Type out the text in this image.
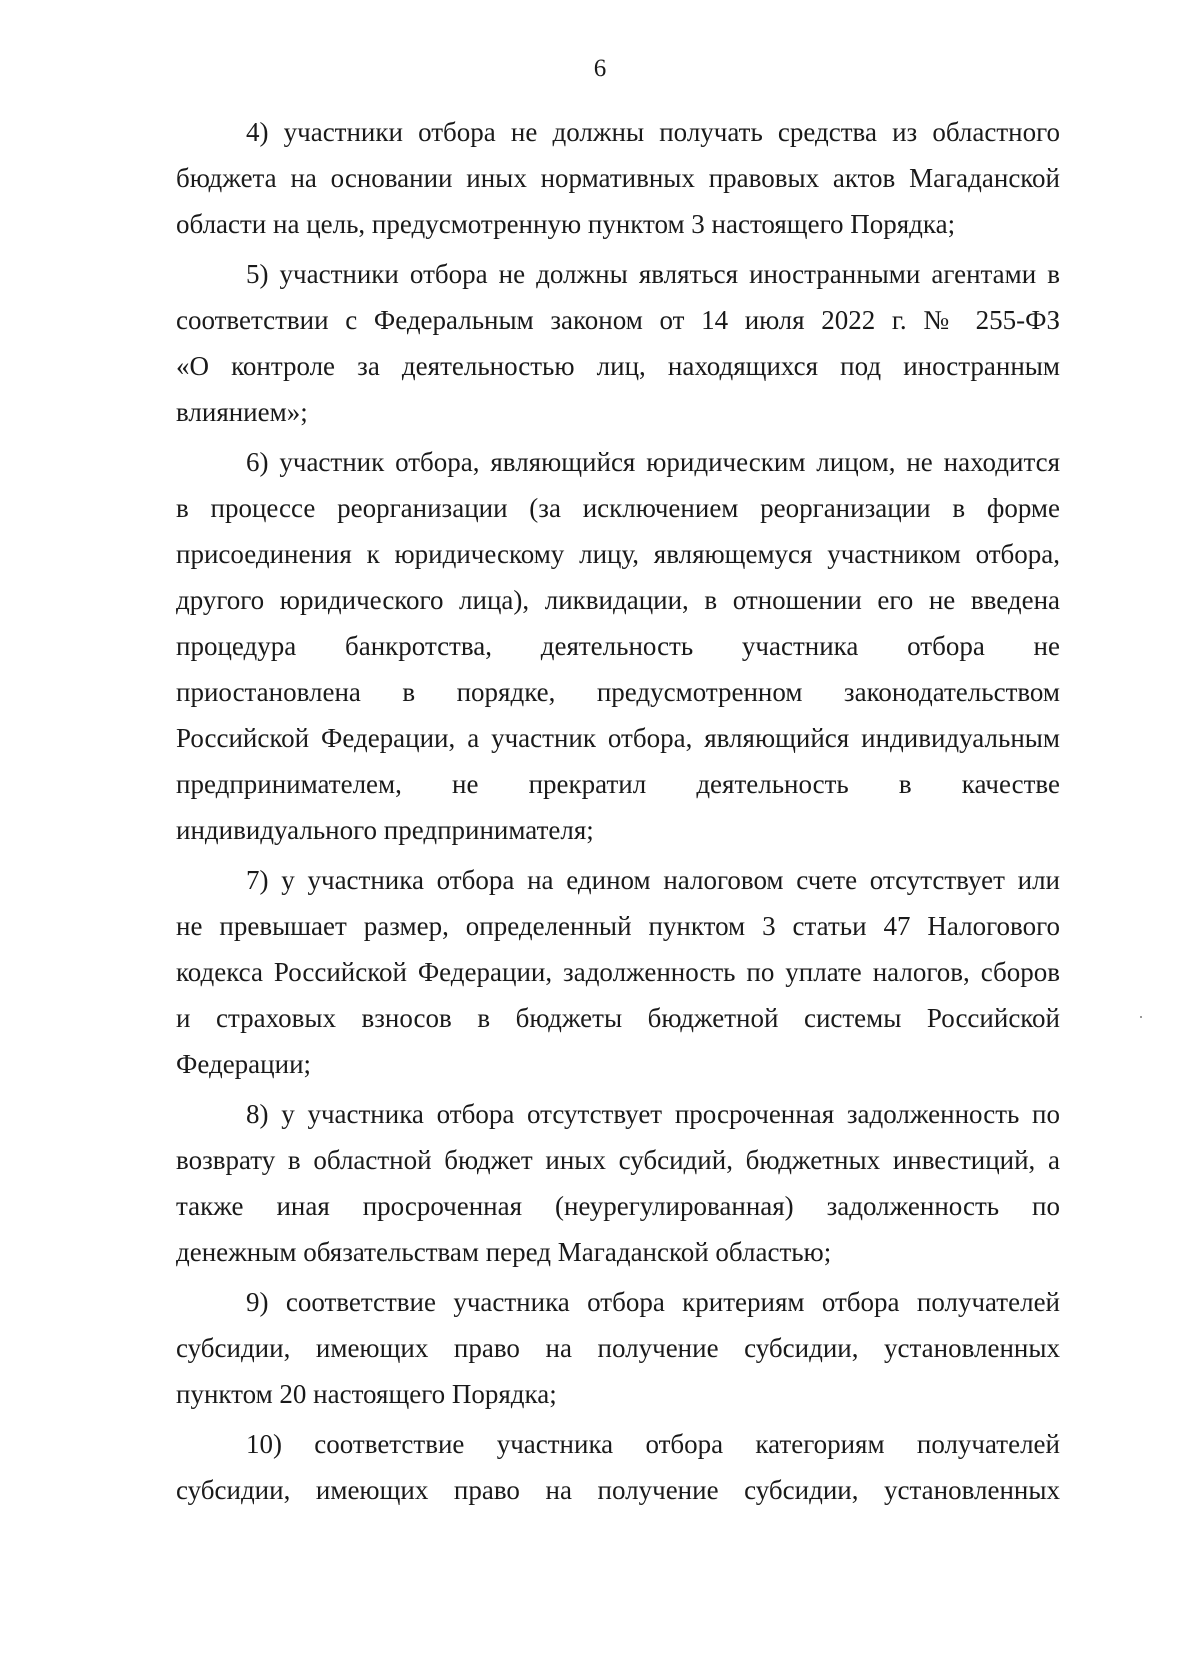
6
4) участники отбора не должны получать средства из областного
бюджета на основании иных нормативных правовых актов Магаданской
области на цель, предусмотренную пунктом 3 настоящего Порядка;
5) участники отбора не должны являться иностранными агентами в
соответствии с Федеральным законом от 14 июля 2022 г. № 255-ФЗ
«О контроле за деятельностью лиц, находящихся под иностранным
влиянием»;
6) участник отбора, являющийся юридическим лицом, не находится
в процессе реорганизации (за исключением реорганизации в форме
присоединения к юридическому лицу, являющемуся участником отбора,
другого юридического лица), ликвидации, в отношении его не введена
процедура банкротства, деятельность участника отбора не
приостановлена в порядке, предусмотренном законодательством
Российской Федерации, а участник отбора, являющийся индивидуальным
предпринимателем, не прекратил деятельность в качестве
индивидуального предпринимателя;
7) у участника отбора на едином налоговом счете отсутствует или
не превышает размер, определенный пунктом 3 статьи 47 Налогового
кодекса Российской Федерации, задолженность по уплате налогов, сборов
и страховых взносов в бюджеты бюджетной системы Российской
Федерации;
8) у участника отбора отсутствует просроченная задолженность по
возврату в областной бюджет иных субсидий, бюджетных инвестиций, а
также иная просроченная (неурегулированная) задолженность по
денежным обязательствам перед Магаданской областью;
9) соответствие участника отбора критериям отбора получателей
субсидии, имеющих право на получение субсидии, установленных
пунктом 20 настоящего Порядка;
10) соответствие участника отбора категориям получателей
субсидии, имеющих право на получение субсидии, установленных
